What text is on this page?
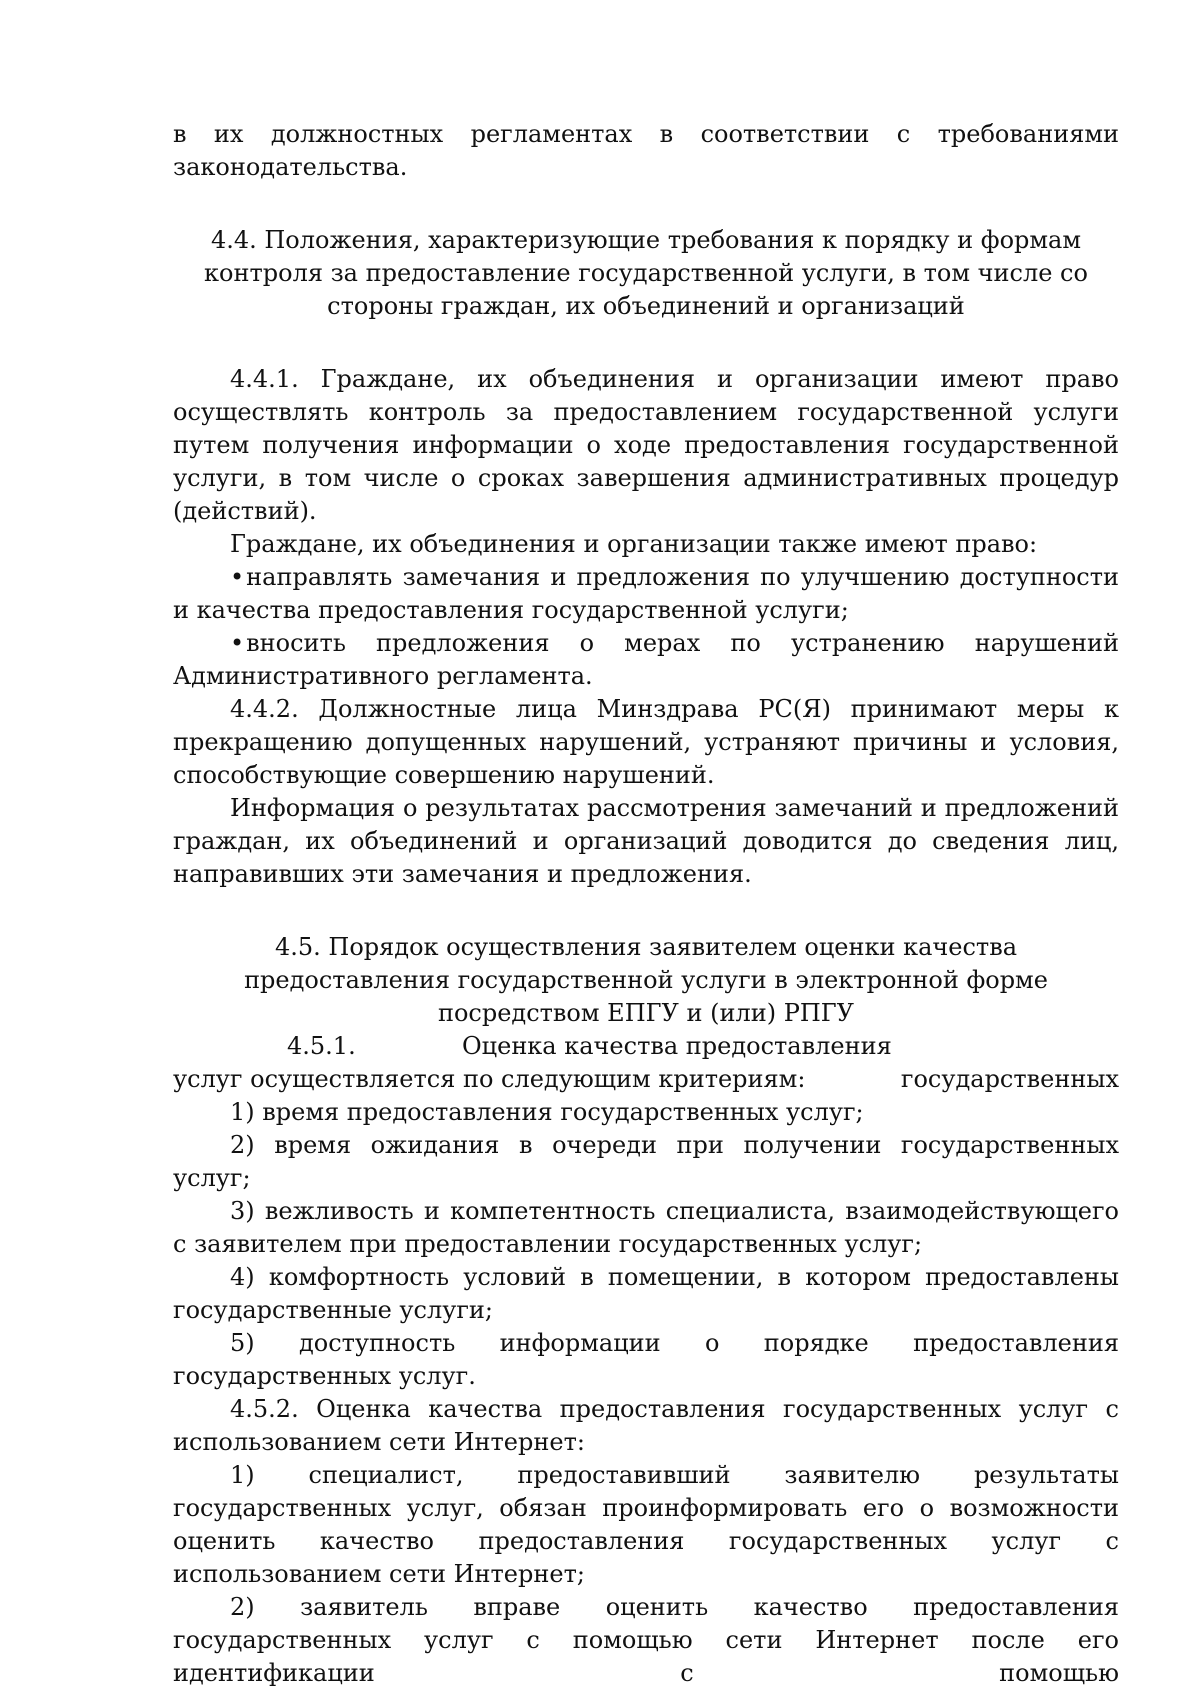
в их должностных регламентах в соответствии с требованиями законодательства.

4.4. Положения, характеризующие требования к порядку и формам контроля за предоставление государственной услуги, в том числе со стороны граждан, их объединений и организаций

4.4.1. Граждане, их объединения и организации имеют право осуществлять контроль за предоставлением государственной услуги путем получения информации о ходе предоставления государственной услуги, в том числе о сроках завершения административных процедур (действий).

Граждане, их объединения и организации также имеют право:

•направлять замечания и предложения по улучшению доступности и качества предоставления государственной услуги;

•вносить предложения о мерах по устранению нарушений Административного регламента.

4.4.2. Должностные лица Минздрава РС(Я) принимают меры к прекращению допущенных нарушений, устраняют причины и условия, способствующие совершению нарушений.

Информация о результатах рассмотрения замечаний и предложений граждан, их объединений и организаций доводится до сведения лиц, направивших эти замечания и предложения.

4.5. Порядок осуществления заявителем оценки качества предоставления государственной услуги в электронной форме посредством ЕПГУ и (или) РПГУ

4.5.1.	Оценка качества предоставления
государственных

услуг осуществляется по следующим критериям:

1) время предоставления государственных услуг;

2) время ожидания в очереди при получении государственных услуг;

3) вежливость и компетентность специалиста, взаимодействующего с заявителем при предоставлении государственных услуг;

4) комфортность условий в помещении, в котором предоставлены государственные услуги;

5) доступность информации о порядке предоставления государственных услуг.

4.5.2. Оценка качества предоставления государственных услуг с использованием сети Интернет:

1) специалист, предоставивший заявителю результаты государственных услуг, обязан проинформировать его о возможности оценить качество предоставления государственных услуг с использованием сети Интернет;

2) заявитель вправе оценить качество предоставления государственных услуг с помощью сети Интернет после его идентификации с помощью
